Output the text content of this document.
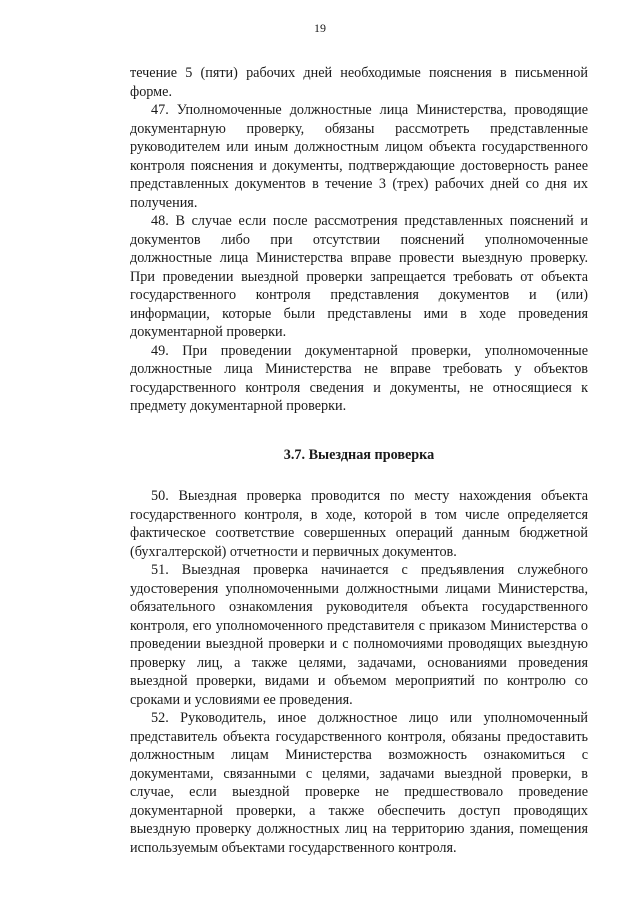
19

течение 5 (пяти) рабочих дней необходимые пояснения в письменной форме.

47. Уполномоченные должностные лица Министерства, проводящие документарную проверку, обязаны рассмотреть представленные руководителем или иным должностным лицом объекта государственного контроля пояснения и документы, подтверждающие достоверность ранее представленных документов в течение 3 (трех) рабочих дней со дня их получения.

48. В случае если после рассмотрения представленных пояснений и документов либо при отсутствии пояснений уполномоченные должностные лица Министерства вправе провести выездную проверку. При проведении выездной проверки запрещается требовать от объекта государственного контроля представления документов и (или) информации, которые были представлены ими в ходе проведения документарной проверки.

49. При проведении документарной проверки, уполномоченные должностные лица Министерства не вправе требовать у объектов государственного контроля сведения и документы, не относящиеся к предмету документарной проверки.

3.7. Выездная проверка

50. Выездная проверка проводится по месту нахождения объекта государственного контроля, в ходе, которой в том числе определяется фактическое соответствие совершенных операций данным бюджетной (бухгалтерской) отчетности и первичных документов.

51. Выездная проверка начинается с предъявления служебного удостоверения уполномоченными должностными лицами Министерства, обязательного ознакомления руководителя объекта государственного контроля, его уполномоченного представителя с приказом Министерства о проведении выездной проверки и с полномочиями проводящих выездную проверку лиц, а также целями, задачами, основаниями проведения выездной проверки, видами и объемом мероприятий по контролю со сроками и условиями ее проведения.

52. Руководитель, иное должностное лицо или уполномоченный представитель объекта государственного контроля, обязаны предоставить должностным лицам Министерства возможность ознакомиться с документами, связанными с целями, задачами выездной проверки, в случае, если выездной проверке не предшествовало проведение документарной проверки, а также обеспечить доступ проводящих выездную проверку должностных лиц на территорию здания, помещения используемым объектами государственного контроля.
